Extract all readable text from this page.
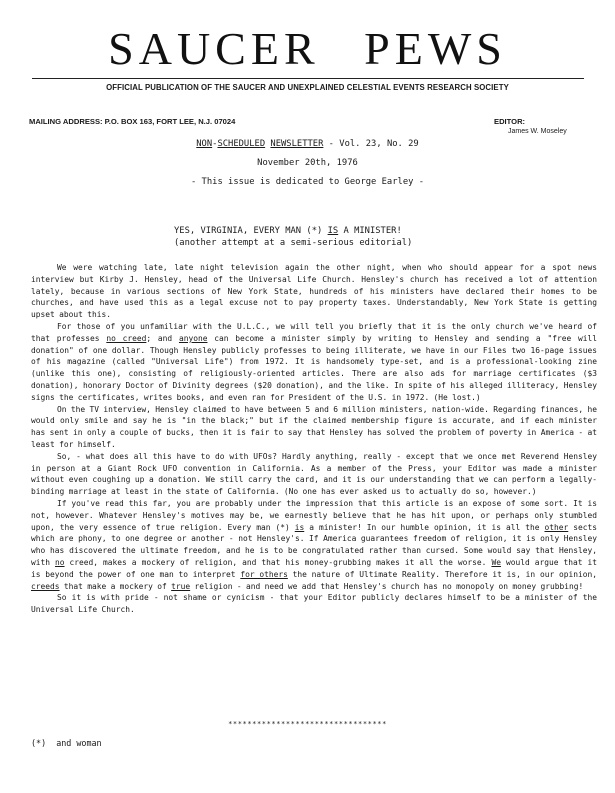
SAUCER PEWS
OFFICIAL PUBLICATION OF THE SAUCER AND UNEXPLAINED CELESTIAL EVENTS RESEARCH SOCIETY
MAILING ADDRESS: P.O. BOX 163, FORT LEE, N.J. 07024	EDITOR:
James W. Moseley
NON-SCHEDULED NEWSLETTER - Vol. 23, No. 29
November 20th, 1976
- This issue is dedicated to George Earley -
YES, VIRGINIA, EVERY MAN (*) IS A MINISTER!
(another attempt at a semi-serious editorial)

We were watching late, late night television again the other night, when who should appear for a spot news interview but Kirby J. Hensley, head of the Universal Life Church. Hensley's church has received a lot of attention lately, because in various sections of New York State, hundreds of his ministers have declared their homes to be churches, and have used this as a legal excuse not to pay property taxes. Understandably, New York State is getting upset about this.

For those of you unfamiliar with the U.L.C., we will tell you briefly that it is the only church we've heard of that professes no creed; and anyone can become a minister simply by writing to Hensley and sending a "free will donation" of one dollar. Though Hensley publicly professes to being illiterate, we have in our Files two 16-page issues of his magazine (called "Universal Life") from 1972. It is handsomely type-set, and is a professional-looking zine (unlike this one), consisting of religiously-oriented articles. There are also ads for marriage certificates ($3 donation), honorary Doctor of Divinity degrees ($20 donation), and the like. In spite of his alleged illiteracy, Hensley signs the certificates, writes books, and even ran for President of the U.S. in 1972. (He lost.)

On the TV interview, Hensley claimed to have between 5 and 6 million ministers, nation-wide. Regarding finances, he would only smile and say he is "in the black;" but if the claimed membership figure is accurate, and if each minister has sent in only a couple of bucks, then it is fair to say that Hensley has solved the problem of poverty in America - at least for himself.

So, - what does all this have to do with UFOs? Hardly anything, really - except that we once met Reverend Hensley in person at a Giant Rock UFO convention in California. As a member of the Press, your Editor was made a minister without even coughing up a donation. We still carry the card, and it is our understanding that we can perform a legally-binding marriage at least in the state of California. (No one has ever asked us to actually do so, however.)

If you've read this far, you are probably under the impression that this article is an expose of some sort. It is not, however. Whatever Hensley's motives may be, we earnestly believe that he has hit upon, or perhaps only stumbled upon, the very essence of true religion. Every man (*) is a minister! In our humble opinion, it is all the other sects which are phony, to one degree or another - not Hensley's. If America guarantees freedom of religion, it is only Hensley who has discovered the ultimate freedom, and he is to be congratulated rather than cursed. Some would say that Hensley, with no creed, makes a mockery of religion, and that his money-grubbing makes it all the worse. We would argue that it is beyond the power of one man to interpret for others the nature of Ultimate Reality. Therefore it is, in our opinion, creeds that make a mockery of true religion - and need we add that Hensley's church has no monopoly on money grubbing!

So it is with pride - not shame or cynicism - that your Editor publicly declares himself to be a minister of the Universal Life Church.

*********************************
(*)  and woman
